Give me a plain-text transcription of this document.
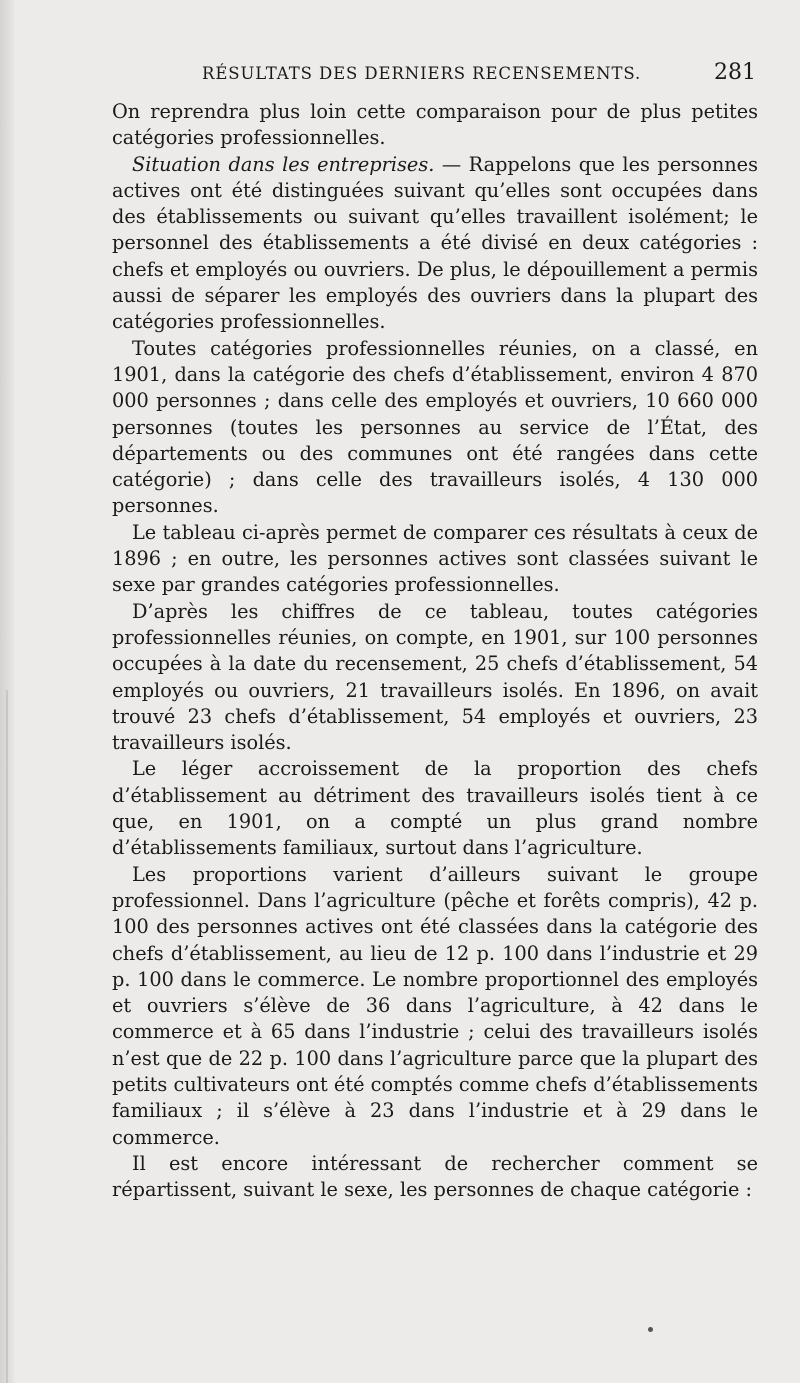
RÉSULTATS DES DERNIERS RECENSEMENTS.	281

On reprendra plus loin cette comparaison pour de plus petites catégories professionnelles.

Situation dans les entreprises. — Rappelons que les personnes actives ont été distinguées suivant qu’elles sont occupées dans des établissements ou suivant qu’elles travaillent isolément; le personnel des établissements a été divisé en deux catégories : chefs et employés ou ouvriers. De plus, le dépouillement a permis aussi de séparer les employés des ouvriers dans la plupart des catégories professionnelles.

Toutes catégories professionnelles réunies, on a classé, en 1901, dans la catégorie des chefs d’établissement, environ 4 870 000 personnes ; dans celle des employés et ouvriers, 10 660 000 personnes (toutes les personnes au service de l’État, des départements ou des communes ont été rangées dans cette catégorie) ; dans celle des travailleurs isolés, 4 130 000 personnes.

Le tableau ci-après permet de comparer ces résultats à ceux de 1896 ; en outre, les personnes actives sont classées suivant le sexe par grandes catégories professionnelles.

D’après les chiffres de ce tableau, toutes catégories professionnelles réunies, on compte, en 1901, sur 100 personnes occupées à la date du recensement, 25 chefs d’établissement, 54 employés ou ouvriers, 21 travailleurs isolés. En 1896, on avait trouvé 23 chefs d’établissement, 54 employés et ouvriers, 23 travailleurs isolés.

Le léger accroissement de la proportion des chefs d’établissement au détriment des travailleurs isolés tient à ce que, en 1901, on a compté un plus grand nombre d’établissements familiaux, surtout dans l’agriculture.

Les proportions varient d’ailleurs suivant le groupe professionnel. Dans l’agriculture (pêche et forêts compris), 42 p. 100 des personnes actives ont été classées dans la catégorie des chefs d’établissement, au lieu de 12 p. 100 dans l’industrie et 29 p. 100 dans le commerce. Le nombre proportionnel des employés et ouvriers s’élève de 36 dans l’agriculture, à 42 dans le commerce et à 65 dans l’industrie ; celui des travailleurs isolés n’est que de 22 p. 100 dans l’agriculture parce que la plupart des petits cultivateurs ont été comptés comme chefs d’établissements familiaux ; il s’élève à 23 dans l’industrie et à 29 dans le commerce.

Il est encore intéressant de rechercher comment se répartissent, suivant le sexe, les personnes de chaque catégorie :
